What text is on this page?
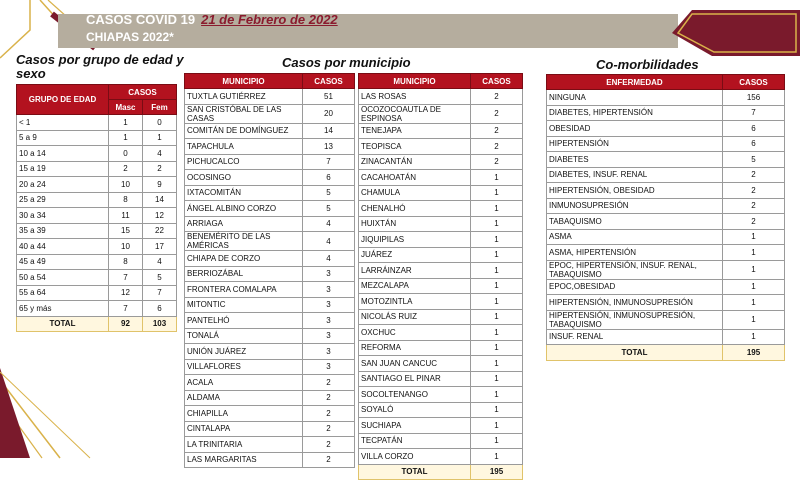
CASOS COVID 19 21 de Febrero de 2022
CHIAPAS 2022*
Casos por grupo de edad y sexo
Casos por municipio	Co-morbilidades
GRUPO DE EDAD	CASOS	
	Masc	Fem
< 1	1	0
5 a 9	1	1
10 a 14	0	4
15 a 19	2	2
20 a 24	10	9
25 a 29	8	14
30 a 34	11	12
35 a 39	15	22
40 a 44	10	17
45 a 49	8	4
50 a 54	7	5
55 a 64	12	7
65 y más	7	6
TOTAL	92	103
MUNICIPIO	CASOS
TUXTLA GUTIÉRREZ	51
SAN CRISTÓBAL DE LAS CASAS	20
COMITÁN DE DOMÍNGUEZ	14
TAPACHULA	13
PICHUCALCO	7
OCOSINGO	6
IXTACOMITÁN	5
ÁNGEL ALBINO CORZO	5
ARRIAGA	4
BENEMÉRITO DE LAS AMÉRICAS	4
CHIAPA DE CORZO	4
BERRIOZÁBAL	3
FRONTERA COMALAPA	3
MITONTIC	3
PANTELHÓ	3
TONALÁ	3
UNIÓN JUÁREZ	3
VILLAFLORES	3
ACALA	2
ALDAMA	2
CHIAPILLA	2
CINTALAPA	2
LA TRINITARIA	2
LAS MARGARITAS	2
MUNICIPIO	CASOS
LAS ROSAS	2
OCOZOCOAUTLA DE ESPINOSA	2
TENEJAPA	2
TEOPISCA	2
ZINACANTÁN	2
CACAHOATÁN	1
CHAMULA	1
CHENALHÓ	1
HUIXTÁN	1
JIQUIPILAS	1
JUÁREZ	1
LARRÁINZAR	1
MEZCALAPA	1
MOTOZINTLA	1
NICOLÁS RUIZ	1
OXCHUC	1
REFORMA	1
SAN JUAN CANCUC	1
SANTIAGO EL PINAR	1
SOCOLTENANGO	1
SOYALÓ	1
SUCHIAPA	1
TECPATÁN	1
VILLA CORZO	1
TOTAL	195
ENFERMEDAD	CASOS
NINGUNA	156
DIABETES, HIPERTENSIÓN	7
OBESIDAD	6
HIPERTENSIÓN	6
DIABETES	5
DIABETES, INSUF. RENAL	2
HIPERTENSIÓN, OBESIDAD	2
INMUNOSUPRESIÓN	2
TABAQUISMO	2
ASMA	1
ASMA, HIPERTENSIÓN	1
EPOC, HIPERTENSIÓN, INSUF. RENAL, TABAQUISMO	1
EPOC,OBESIDAD	1
HIPERTENSIÓN, INMUNOSUPRESIÓN	1
HIPERTENSIÓN, INMUNOSUPRESIÓN, TABAQUISMO	1
INSUF. RENAL	1
TOTAL	195
